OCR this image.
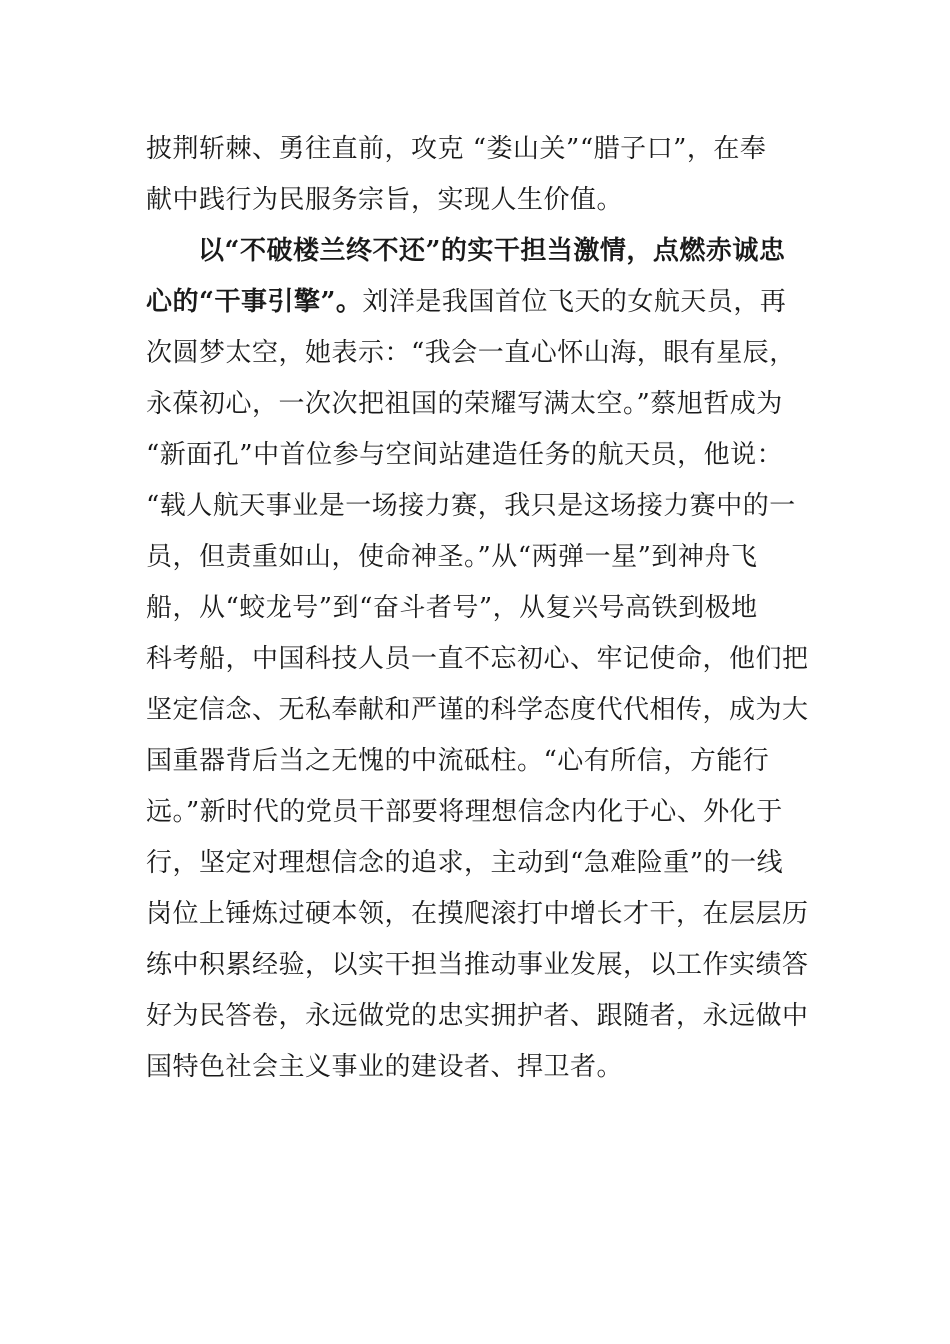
披荆斩棘、勇往直前，攻克 “娄山关”“腊子口”，在奉
献中践行为民服务宗旨，实现人生价值。
以“不破楼兰终不还”的实干担当激情，点燃赤诚忠
心的“干事引擎”。刘洋是我国首位飞天的女航天员，再
次圆梦太空，她表示：“我会一直心怀山海，眼有星辰，
永葆初心，一次次把祖国的荣耀写满太空。”蔡旭哲成为
“新面孔”中首位参与空间站建造任务的航天员，他说：
“载人航天事业是一场接力赛，我只是这场接力赛中的一
员，但责重如山，使命神圣。”从“两弹一星”到神舟飞
船，从“蛟龙号”到“奋斗者号”，从复兴号高铁到极地
科考船，中国科技人员一直不忘初心、牢记使命，他们把
坚定信念、无私奉献和严谨的科学态度代代相传，成为大
国重器背后当之无愧的中流砥柱。“心有所信，方能行
远。”新时代的党员干部要将理想信念内化于心、外化于
行，坚定对理想信念的追求，主动到“急难险重”的一线
岗位上锤炼过硬本领，在摸爬滚打中增长才干，在层层历
练中积累经验，以实干担当推动事业发展，以工作实绩答
好为民答卷，永远做党的忠实拥护者、跟随者，永远做中
国特色社会主义事业的建设者、捍卫者。
